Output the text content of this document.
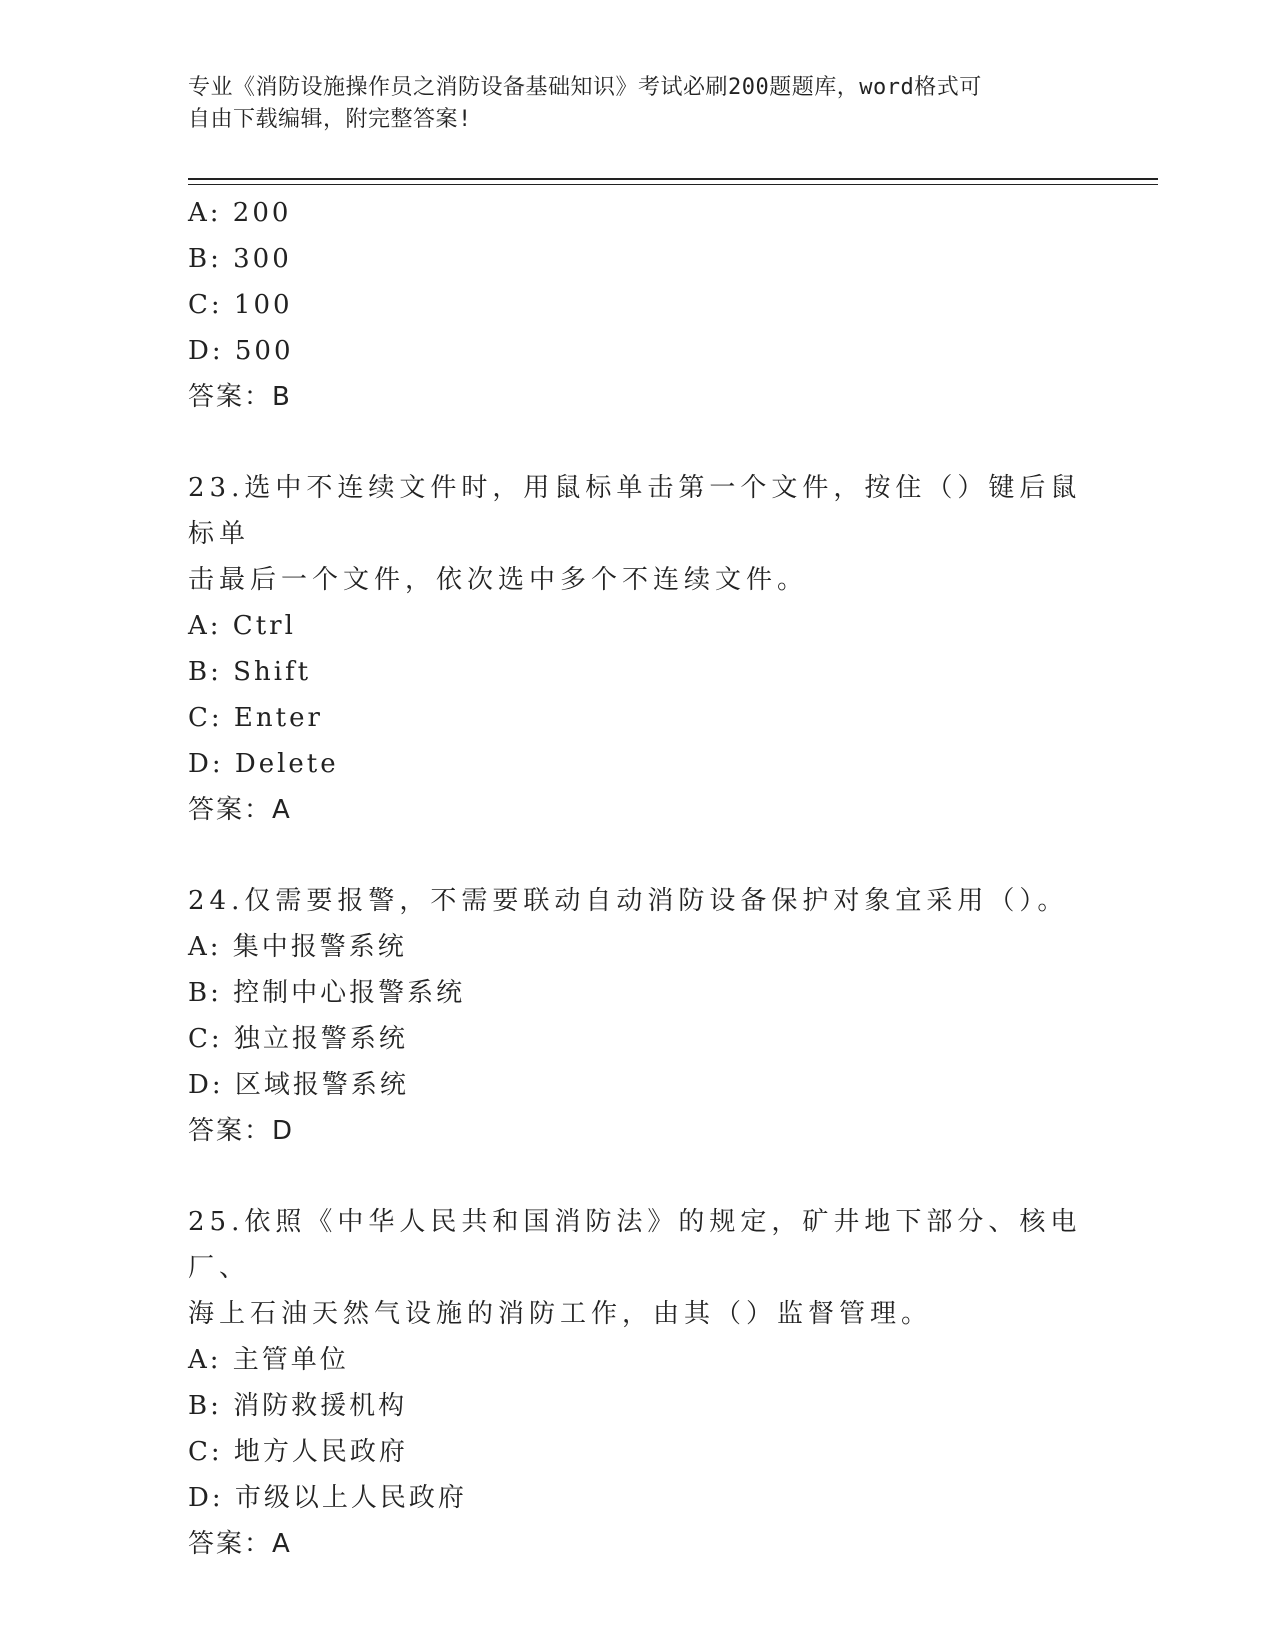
专业《消防设施操作员之消防设备基础知识》考试必刷200题题库，word格式可
自由下载编辑，附完整答案!
A: 200
B: 300
C: 100
D: 500
答案：B
23.选中不连续文件时，用鼠标单击第一个文件，按住（）键后鼠标单
击最后一个文件，依次选中多个不连续文件。
A: Ctrl
B: Shift
C: Enter
D: Delete
答案：A
24.仅需要报警，不需要联动自动消防设备保护对象宜采用（）。
A: 集中报警系统
B: 控制中心报警系统
C: 独立报警系统
D: 区域报警系统
答案：D
25.依照《中华人民共和国消防法》的规定，矿井地下部分、核电厂、
海上石油天然气设施的消防工作，由其（）监督管理。
A: 主管单位
B: 消防救援机构
C: 地方人民政府
D: 市级以上人民政府
答案：A
